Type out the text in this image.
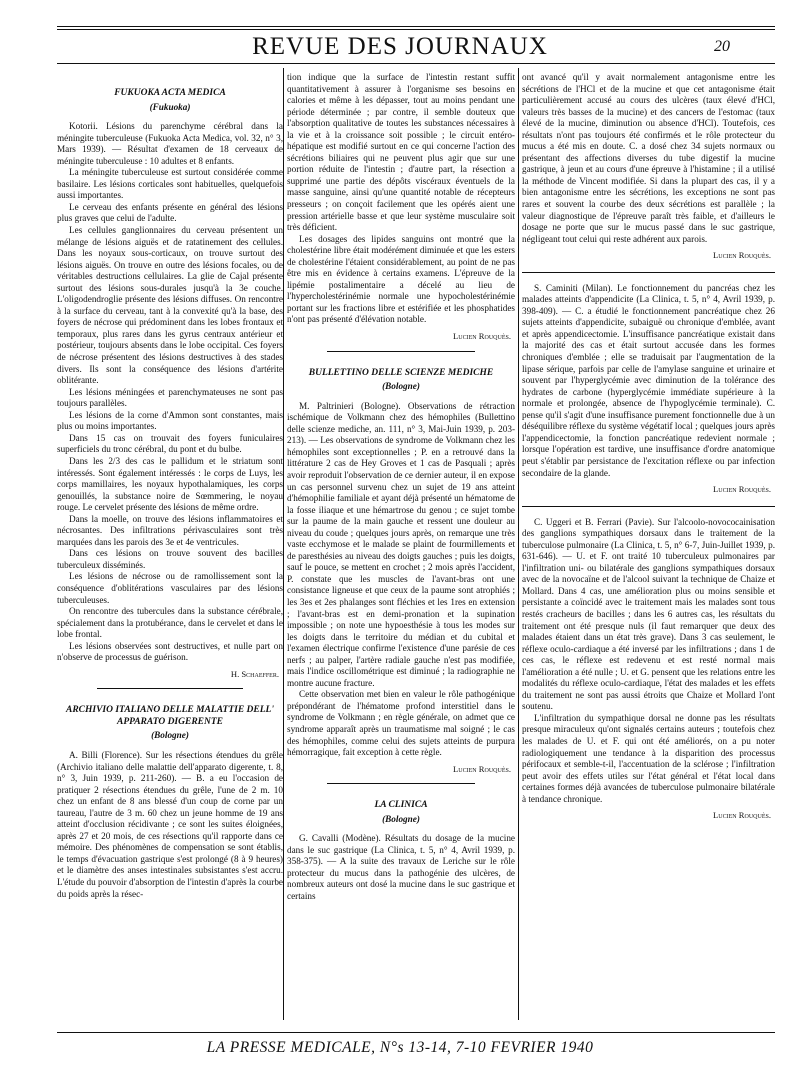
REVUE DES JOURNAUX	20
FUKUOKA ACTA MEDICA
(Fukuoka)

Kotorii. Lésions du parenchyme cérébral dans la méningite tuberculeuse (Fukuoka Acta Medica, vol. 32, n° 3, Mars 1939). — Résultat d'examen de 18 cerveaux de méningite tuberculeuse : 10 adultes et 8 enfants.

La méningite tuberculeuse est surtout considérée comme basilaire. Les lésions corticales sont habituelles, quelquefois aussi importantes.

Le cerveau des enfants présente en général des lésions plus graves que celui de l'adulte.

Les cellules ganglionnaires du cerveau présentent un mélange de lésions aiguës et de ratatinement des cellules. Dans les noyaux sous-corticaux, on trouve surtout des lésions aiguës. On trouve en outre des lésions focales, ou de véritables destructions cellulaires. La glie de Cajal présente surtout des lésions sous-durales jusqu'à la 3e couche. L'oligodendroglie présente des lésions diffuses. On rencontre à la surface du cerveau, tant à la convexité qu'à la base, des foyers de nécrose qui prédominent dans les lobes frontaux et temporaux, plus rares dans les gyrus centraux antérieur et postérieur, toujours absents dans le lobe occipital. Ces foyers de nécrose présentent des lésions destructives à des stades divers. Ils sont la conséquence des lésions d'artérite oblitérante.

Les lésions méningées et parenchymateuses ne sont pas toujours parallèles.

Les lésions de la corne d'Ammon sont constantes, mais plus ou moins importantes.

Dans 15 cas on trouvait des foyers funiculaires superficiels du tronc cérébral, du pont et du bulbe.

Dans les 2/3 des cas le pallidum et le striatum sont intéressés. Sont également intéressés : le corps de Luys, les corps mamillaires, les noyaux hypothalamiques, les corps genouillés, la substance noire de Sœmmering, le noyau rouge. Le cervelet présente des lésions de même ordre.

Dans la moelle, on trouve des lésions inflammatoires et nécrosantes. Des infiltrations périvasculaires sont très marquées dans les parois des 3e et 4e ventricules.

Dans ces lésions on trouve souvent des bacilles tuberculeux disséminés.

Les lésions de nécrose ou de ramollissement sont la conséquence d'oblitérations vasculaires par des lésions tuberculeuses.

On rencontre des tubercules dans la substance cérébrale, spécialement dans la protubérance, dans le cervelet et dans le lobe frontal.

Les lésions observées sont destructives, et nulle part on n'observe de processus de guérison.

H. Schaeffer.
ARCHIVIO ITALIANO DELLE MALATTIE DELL' APPARATO DIGERENTE
(Bologne)

A. Billi (Florence). Sur les résections étendues du grêle (Archivio italiano delle malattie dell'apparato digerente, t. 8, n° 3, Juin 1939, p. 211-260). — B. a eu l'occasion de pratiquer 2 résections étendues du grêle, l'une de 2 m. 10 chez un enfant de 8 ans blessé d'un coup de corne par un taureau, l'autre de 3 m. 60 chez un jeune homme de 19 ans atteint d'occlusion récidivante ; ce sont les suites éloignées, après 27 et 20 mois, de ces résections qu'il rapporte dans ce mémoire. Des phénomènes de compensation se sont établis, le temps d'évacuation gastrique s'est prolongé (8 à 9 heures) et le diamètre des anses intestinales subsistantes s'est accru. L'étude du pouvoir d'absorption de l'intestin d'après la courbe du poids après la résec-

tion indique que la surface de l'intestin restant suffit quantitativement à assurer à l'organisme ses besoins en calories et même à les dépasser, tout au moins pendant une période déterminée ; par contre, il semble douteux que l'absorption qualitative de toutes les substances nécessaires à la vie et à la croissance soit possible ; le circuit entéro-hépatique est modifié surtout en ce qui concerne l'action des sécrétions biliaires qui ne peuvent plus agir que sur une portion réduite de l'intestin ; d'autre part, la résection a supprimé une partie des dépôts viscéraux éventuels de la masse sanguine, ainsi qu'une quantité notable de récepteurs presseurs ; on conçoit facilement que les opérés aient une pression artérielle basse et que leur système musculaire soit très déficient.

Les dosages des lipides sanguins ont montré que la cholestérine libre était modérément diminuée et que les esters de cholestérine l'étaient considérablement, au point de ne pas être mis en évidence à certains examens. L'épreuve de la lipémie postalimentaire a décelé au lieu de l'hypercholestérinémie normale une hypocholestérinémie portant sur les fractions libre et estérifiée et les phosphatides n'ont pas présenté d'élévation notable.

Lucien Rouquès.
BULLETTINO DELLE SCIENZE MEDICHE
(Bologne)

M. Paltrinieri (Bologne). Observations de rétraction ischémique de Volkmann chez des hémophiles (Bullettino delle scienze mediche, an. 111, n° 3, Mai-Juin 1939, p. 203-213). — Les observations de syndrome de Volkmann chez les hémophiles sont exceptionnelles ; P. en a retrouvé dans la littérature 2 cas de Hey Groves et 1 cas de Pasquali ; après avoir reproduit l'observation de ce dernier auteur, il en expose un cas personnel survenu chez un sujet de 19 ans atteint d'hémophilie familiale et ayant déjà présenté un hématome de la fosse iliaque et une hémartrose du genou ; ce sujet tombe sur la paume de la main gauche et ressent une douleur au niveau du coude ; quelques jours après, on remarque une très vaste ecchymose et le malade se plaint de fourmillements et de paresthésies au niveau des doigts gauches ; puis les doigts, sauf le pouce, se mettent en crochet ; 2 mois après l'accident, P. constate que les muscles de l'avant-bras ont une consistance ligneuse et que ceux de la paume sont atrophiés ; les 3es et 2es phalanges sont fléchies et les 1res en extension ; l'avant-bras est en demi-pronation et la supination impossible ; on note une hypoesthésie à tous les modes sur les doigts dans le territoire du médian et du cubital et l'examen électrique confirme l'existence d'une parésie de ces nerfs ; au palper, l'artère radiale gauche n'est pas modifiée, mais l'indice oscillométrique est diminué ; la radiographie ne montre aucune fracture.

Cette observation met bien en valeur le rôle pathogénique prépondérant de l'hématome profond interstitiel dans le syndrome de Volkmann ; en règle générale, on admet que ce syndrome apparaît après un traumatisme mal soigné ; le cas des hémophiles, comme celui des sujets atteints de purpura hémorragique, fait exception à cette règle.

Lucien Rouquès.
LA CLINICA
(Bologne)

G. Cavalli (Modène). Résultats du dosage de la mucine dans le suc gastrique (La Clinica, t. 5, n° 4, Avril 1939, p. 358-375). — A la suite des travaux de Leriche sur le rôle protecteur du mucus dans la pathogénie des ulcères, de nombreux auteurs ont dosé la mucine dans le suc gastrique et certains

ont avancé qu'il y avait normalement antagonisme entre les sécrétions de l'HCl et de la mucine et que cet antagonisme était particulièrement accusé au cours des ulcères (taux élevé d'HCl, valeurs très basses de la mucine) et des cancers de l'estomac (taux élevé de la mucine, diminution ou absence d'HCl). Toutefois, ces résultats n'ont pas toujours été confirmés et le rôle protecteur du mucus a été mis en doute. C. a dosé chez 34 sujets normaux ou présentant des affections diverses du tube digestif la mucine gastrique, à jeun et au cours d'une épreuve à l'histamine ; il a utilisé la méthode de Vincent modifiée. Si dans la plupart des cas, il y a bien antagonisme entre les sécrétions, les exceptions ne sont pas rares et souvent la courbe des deux sécrétions est parallèle ; la valeur diagnostique de l'épreuve paraît très faible, et d'ailleurs le dosage ne porte que sur le mucus passé dans le suc gastrique, négligeant tout celui qui reste adhérent aux parois.

Lucien Rouquès.

S. Caminiti (Milan). Le fonctionnement du pancréas chez les malades atteints d'appendicite (La Clinica, t. 5, n° 4, Avril 1939, p. 398-409). — C. a étudié le fonctionnement pancréatique chez 26 sujets atteints d'appendicite, subaiguë ou chronique d'emblée, avant et après appendicectomie. L'insuffisance pancréatique existait dans la majorité des cas et était surtout accusée dans les formes chroniques d'emblée ; elle se traduisait par l'augmentation de la lipase sérique, parfois par celle de l'amylase sanguine et urinaire et souvent par l'hyperglycémie avec diminution de la tolérance des hydrates de carbone (hyperglycémie immédiate supérieure à la normale et prolongée, absence de l'hypoglycémie terminale). C. pense qu'il s'agit d'une insuffisance purement fonctionnelle due à un déséquilibre réflexe du système végétatif local ; quelques jours après l'appendicectomie, la fonction pancréatique redevient normale ; lorsque l'opération est tardive, une insuffisance d'ordre anatomique peut s'établir par persistance de l'excitation réflexe ou par infection secondaire de la glande.

Lucien Rouquès.

C. Uggeri et B. Ferrari (Pavie). Sur l'alcoolo-novococainisation des ganglions sympathiques dorsaux dans le traitement de la tuberculose pulmonaire (La Clinica, t. 5, n° 6-7, Juin-Juillet 1939, p. 631-646). — U. et F. ont traité 10 tuberculeux pulmonaires par l'infiltration uni- ou bilatérale des ganglions sympathiques dorsaux avec de la novocaïne et de l'alcool suivant la technique de Chaize et Mollard. Dans 4 cas, une amélioration plus ou moins sensible et persistante a coïncidé avec le traitement mais les malades sont tous restés cracheurs de bacilles ; dans les 6 autres cas, les résultats du traitement ont été presque nuls (il faut remarquer que deux des malades étaient dans un état très grave). Dans 3 cas seulement, le réflexe oculo-cardiaque a été inversé par les infiltrations ; dans 1 de ces cas, le réflexe est redevenu et est resté normal mais l'amélioration a été nulle ; U. et G. pensent que les relations entre les modalités du réflexe oculo-cardiaque, l'état des malades et les effets du traitement ne sont pas aussi étroits que Chaize et Mollard l'ont soutenu.

L'infiltration du sympathique dorsal ne donne pas les résultats presque miraculeux qu'ont signalés certains auteurs ; toutefois chez les malades de U. et F. qui ont été améliorés, on a pu noter radiologiquement une tendance à la disparition des processus périfocaux et semble-t-il, l'accentuation de la sclérose ; l'infiltration peut avoir des effets utiles sur l'état général et l'état local dans certaines formes déjà avancées de tuberculose pulmonaire bilatérale à tendance chronique.

Lucien Rouquès.
LA PRESSE MEDICALE, N°s 13-14, 7-10 FEVRIER 1940
